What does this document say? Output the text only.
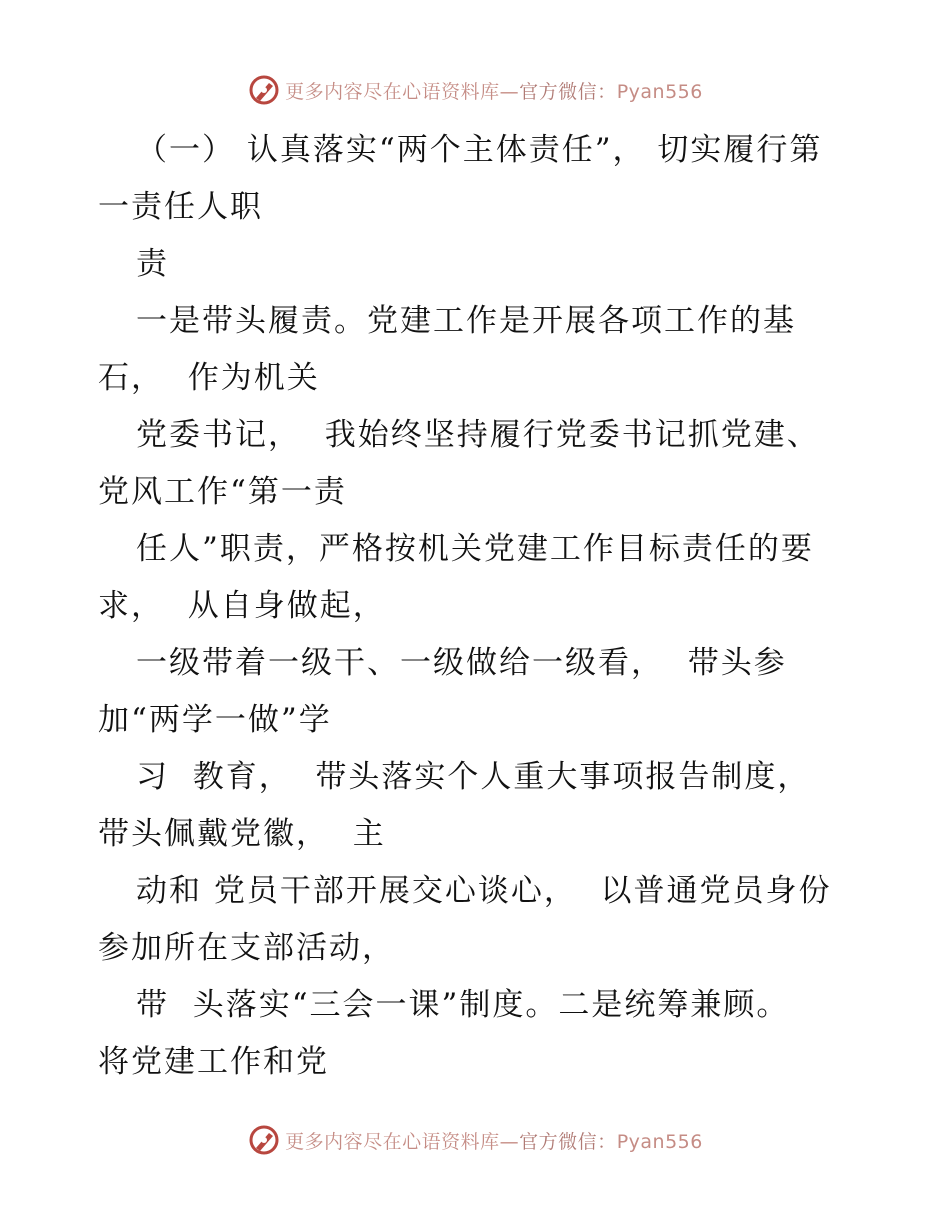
更多内容尽在心语资料库—官方微信：Pyan556
（一） 认真落实“两个主体责任”， 切实履行第
一责任人职
责
一是带头履责。党建工作是开展各项工作的基
石，  作为机关
党委书记，  我始终坚持履行党委书记抓党建、
党风工作“第一责
任人”职责，严格按机关党建工作目标责任的要
求，  从自身做起，
一级带着一级干、一级做给一级看，  带头参
加“两学一做”学
习  教育，  带头落实个人重大事项报告制度，
带头佩戴党徽，  主
动和 党员干部开展交心谈心，  以普通党员身份
参加所在支部活动，
带  头落实“三会一课”制度。二是统筹兼顾。
将党建工作和党
更多内容尽在心语资料库—官方微信：Pyan556
